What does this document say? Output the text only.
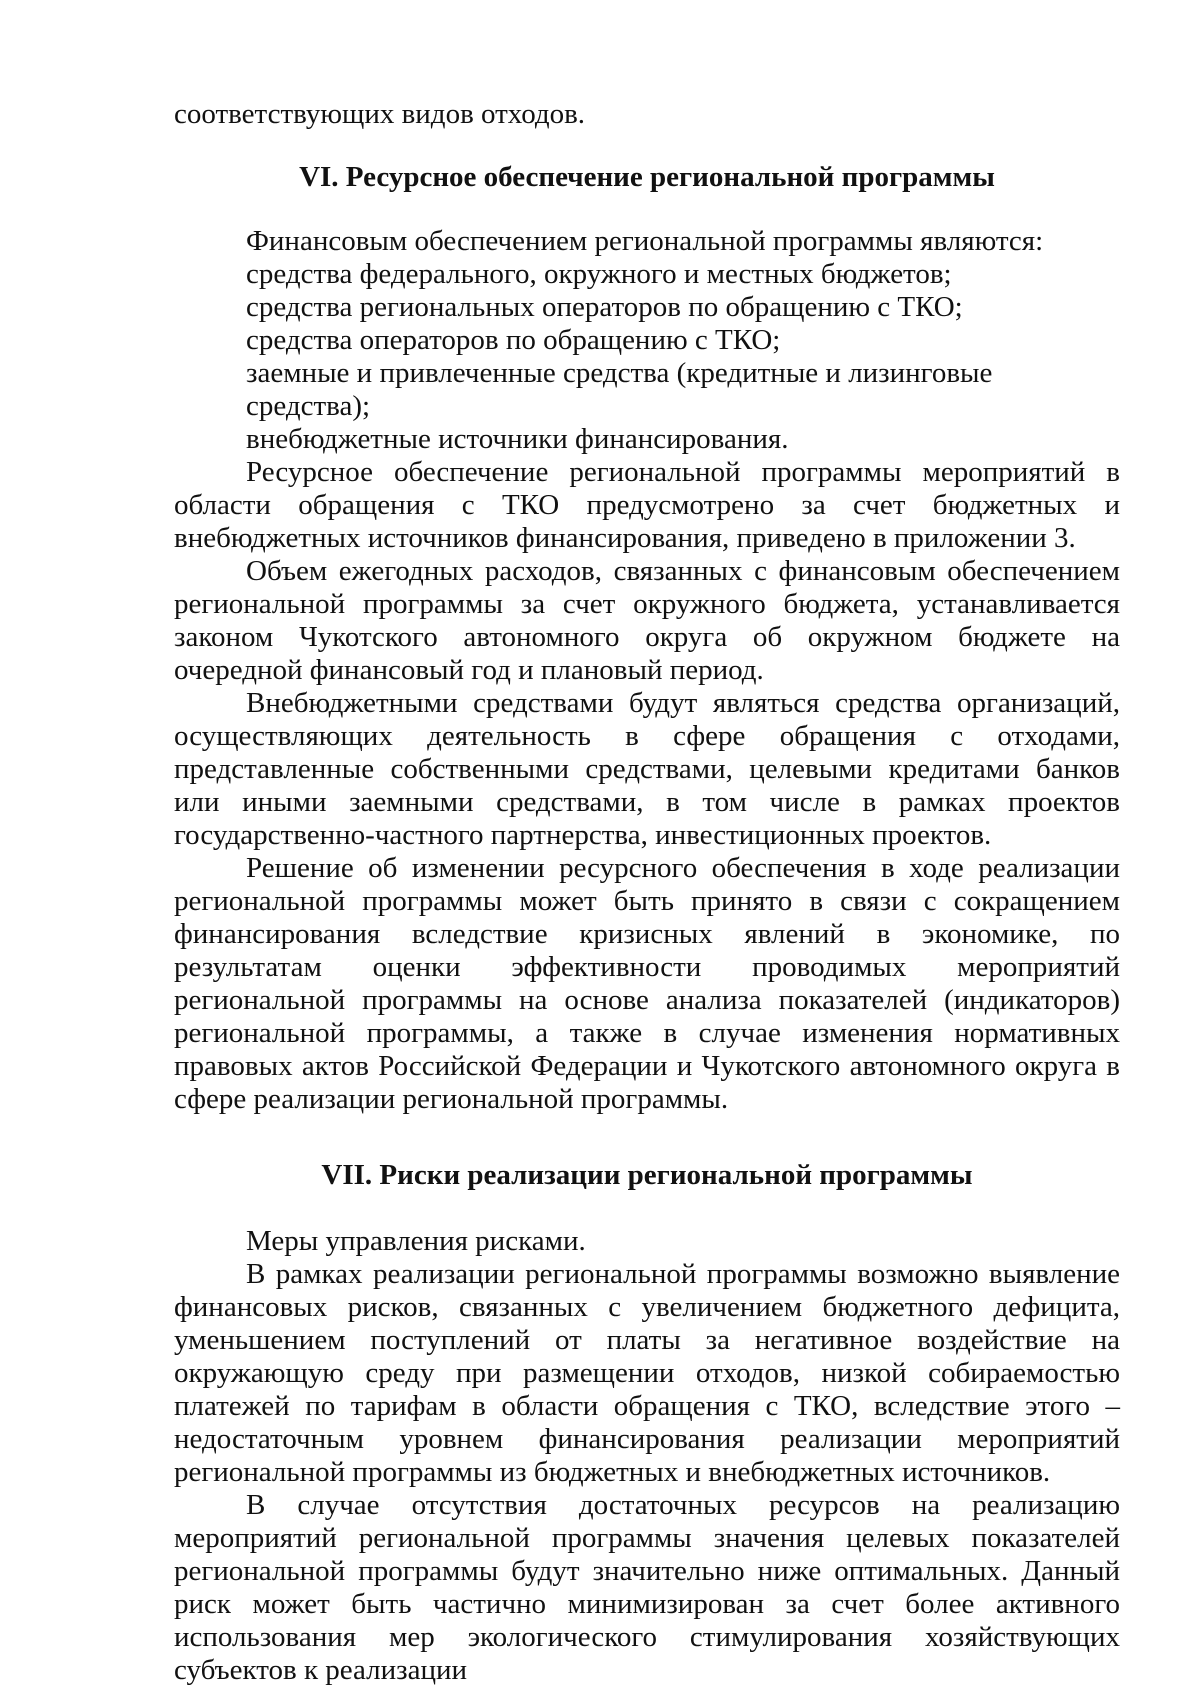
соответствующих видов отходов.

VI. Ресурсное обеспечение региональной программы

Финансовым обеспечением региональной программы являются:

средства федерального, окружного и местных бюджетов;

средства региональных операторов по обращению с ТКО;

средства операторов по обращению с ТКО;

заемные и привлеченные средства (кредитные и лизинговые средства);

внебюджетные источники финансирования.

Ресурсное обеспечение региональной программы мероприятий в области обращения с ТКО предусмотрено за счет бюджетных и внебюджетных источников финансирования, приведено в приложении 3.

Объем ежегодных расходов, связанных с финансовым обеспечением региональной программы за счет окружного бюджета, устанавливается законом Чукотского автономного округа об окружном бюджете на очередной финансовый год и плановый период.

Внебюджетными средствами будут являться средства организаций, осуществляющих деятельность в сфере обращения с отходами, представленные собственными средствами, целевыми кредитами банков или иными заемными средствами, в том числе в рамках проектов государственно-частного партнерства, инвестиционных проектов.

Решение об изменении ресурсного обеспечения в ходе реализации региональной программы может быть принято в связи с сокращением финансирования вследствие кризисных явлений в экономике, по результатам оценки эффективности проводимых мероприятий региональной программы на основе анализа показателей (индикаторов) региональной программы, а также в случае изменения нормативных правовых актов Российской Федерации и Чукотского автономного округа в сфере реализации региональной программы.

VII. Риски реализации региональной программы

Меры управления рисками.

В рамках реализации региональной программы возможно выявление финансовых рисков, связанных с увеличением бюджетного дефицита, уменьшением поступлений от платы за негативное воздействие на окружающую среду при размещении отходов, низкой собираемостью платежей по тарифам в области обращения с ТКО, вследствие этого – недостаточным уровнем финансирования реализации мероприятий региональной программы из бюджетных и внебюджетных источников.

В случае отсутствия достаточных ресурсов на реализацию мероприятий региональной программы значения целевых показателей региональной программы будут значительно ниже оптимальных. Данный риск может быть частично минимизирован за счет более активного использования мер экологического стимулирования хозяйствующих субъектов к реализации
